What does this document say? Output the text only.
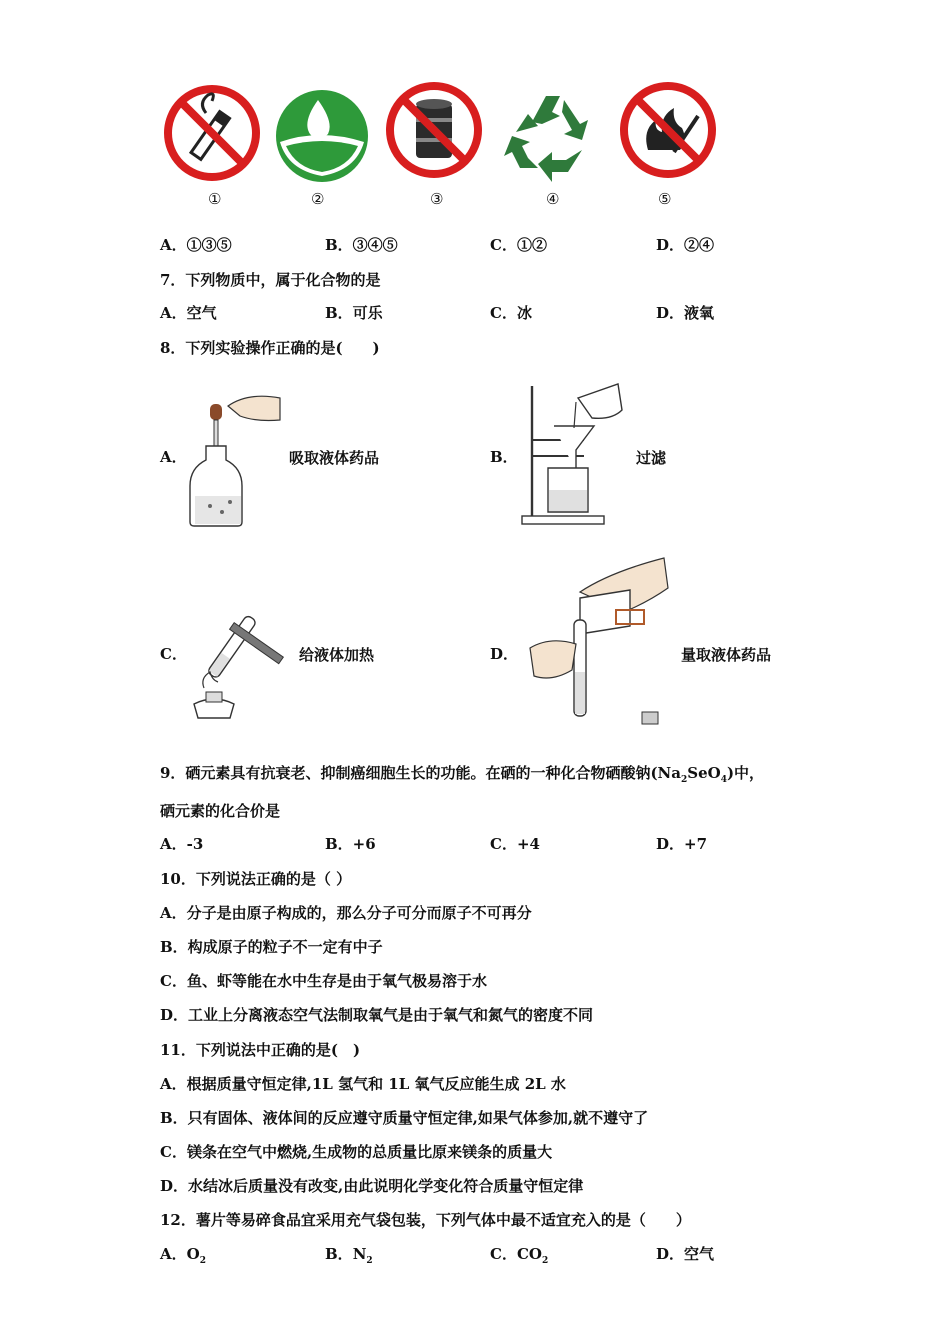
①	②	③	④	⑤
A．①③⑤	B．③④⑤	C．①②	D．②④
7．下列物质中，属于化合物的是
A．空气	B．可乐	C．冰	D．液氧
8．下列实验操作正确的是(　　)
A．	吸取液体药品	B．	过滤
C．	给液体加热	D．	量取液体药品
9．硒元素具有抗衰老、抑制癌细胞生长的功能。在硒的一种化合物硒酸钠$(Na_2SeO_4)$中，
硒元素的化合价是
A．-3	B．+6	C．+4	D．+7
10．下列说法正确的是（ ）
A．分子是由原子构成的，那么分子可分而原子不可再分
B．构成原子的粒子不一定有中子
C．鱼、虾等能在水中生存是由于氧气极易溶于水
D．工业上分离液态空气法制取氧气是由于氧气和氮气的密度不同
11．下列说法中正确的是(　)
A．根据质量守恒定律,1L 氢气和 1L 氧气反应能生成 2L 水
B．只有固体、液体间的反应遵守质量守恒定律,如果气体参加,就不遵守了
C．镁条在空气中燃烧,生成物的总质量比原来镁条的质量大
D．水结冰后质量没有改变,由此说明化学变化符合质量守恒定律
12．薯片等易碎食品宜采用充气袋包装，下列气体中最不适宜充入的是（　　）
A．$O_2$	B．$N_2$	C．$CO_2$	D．空气
